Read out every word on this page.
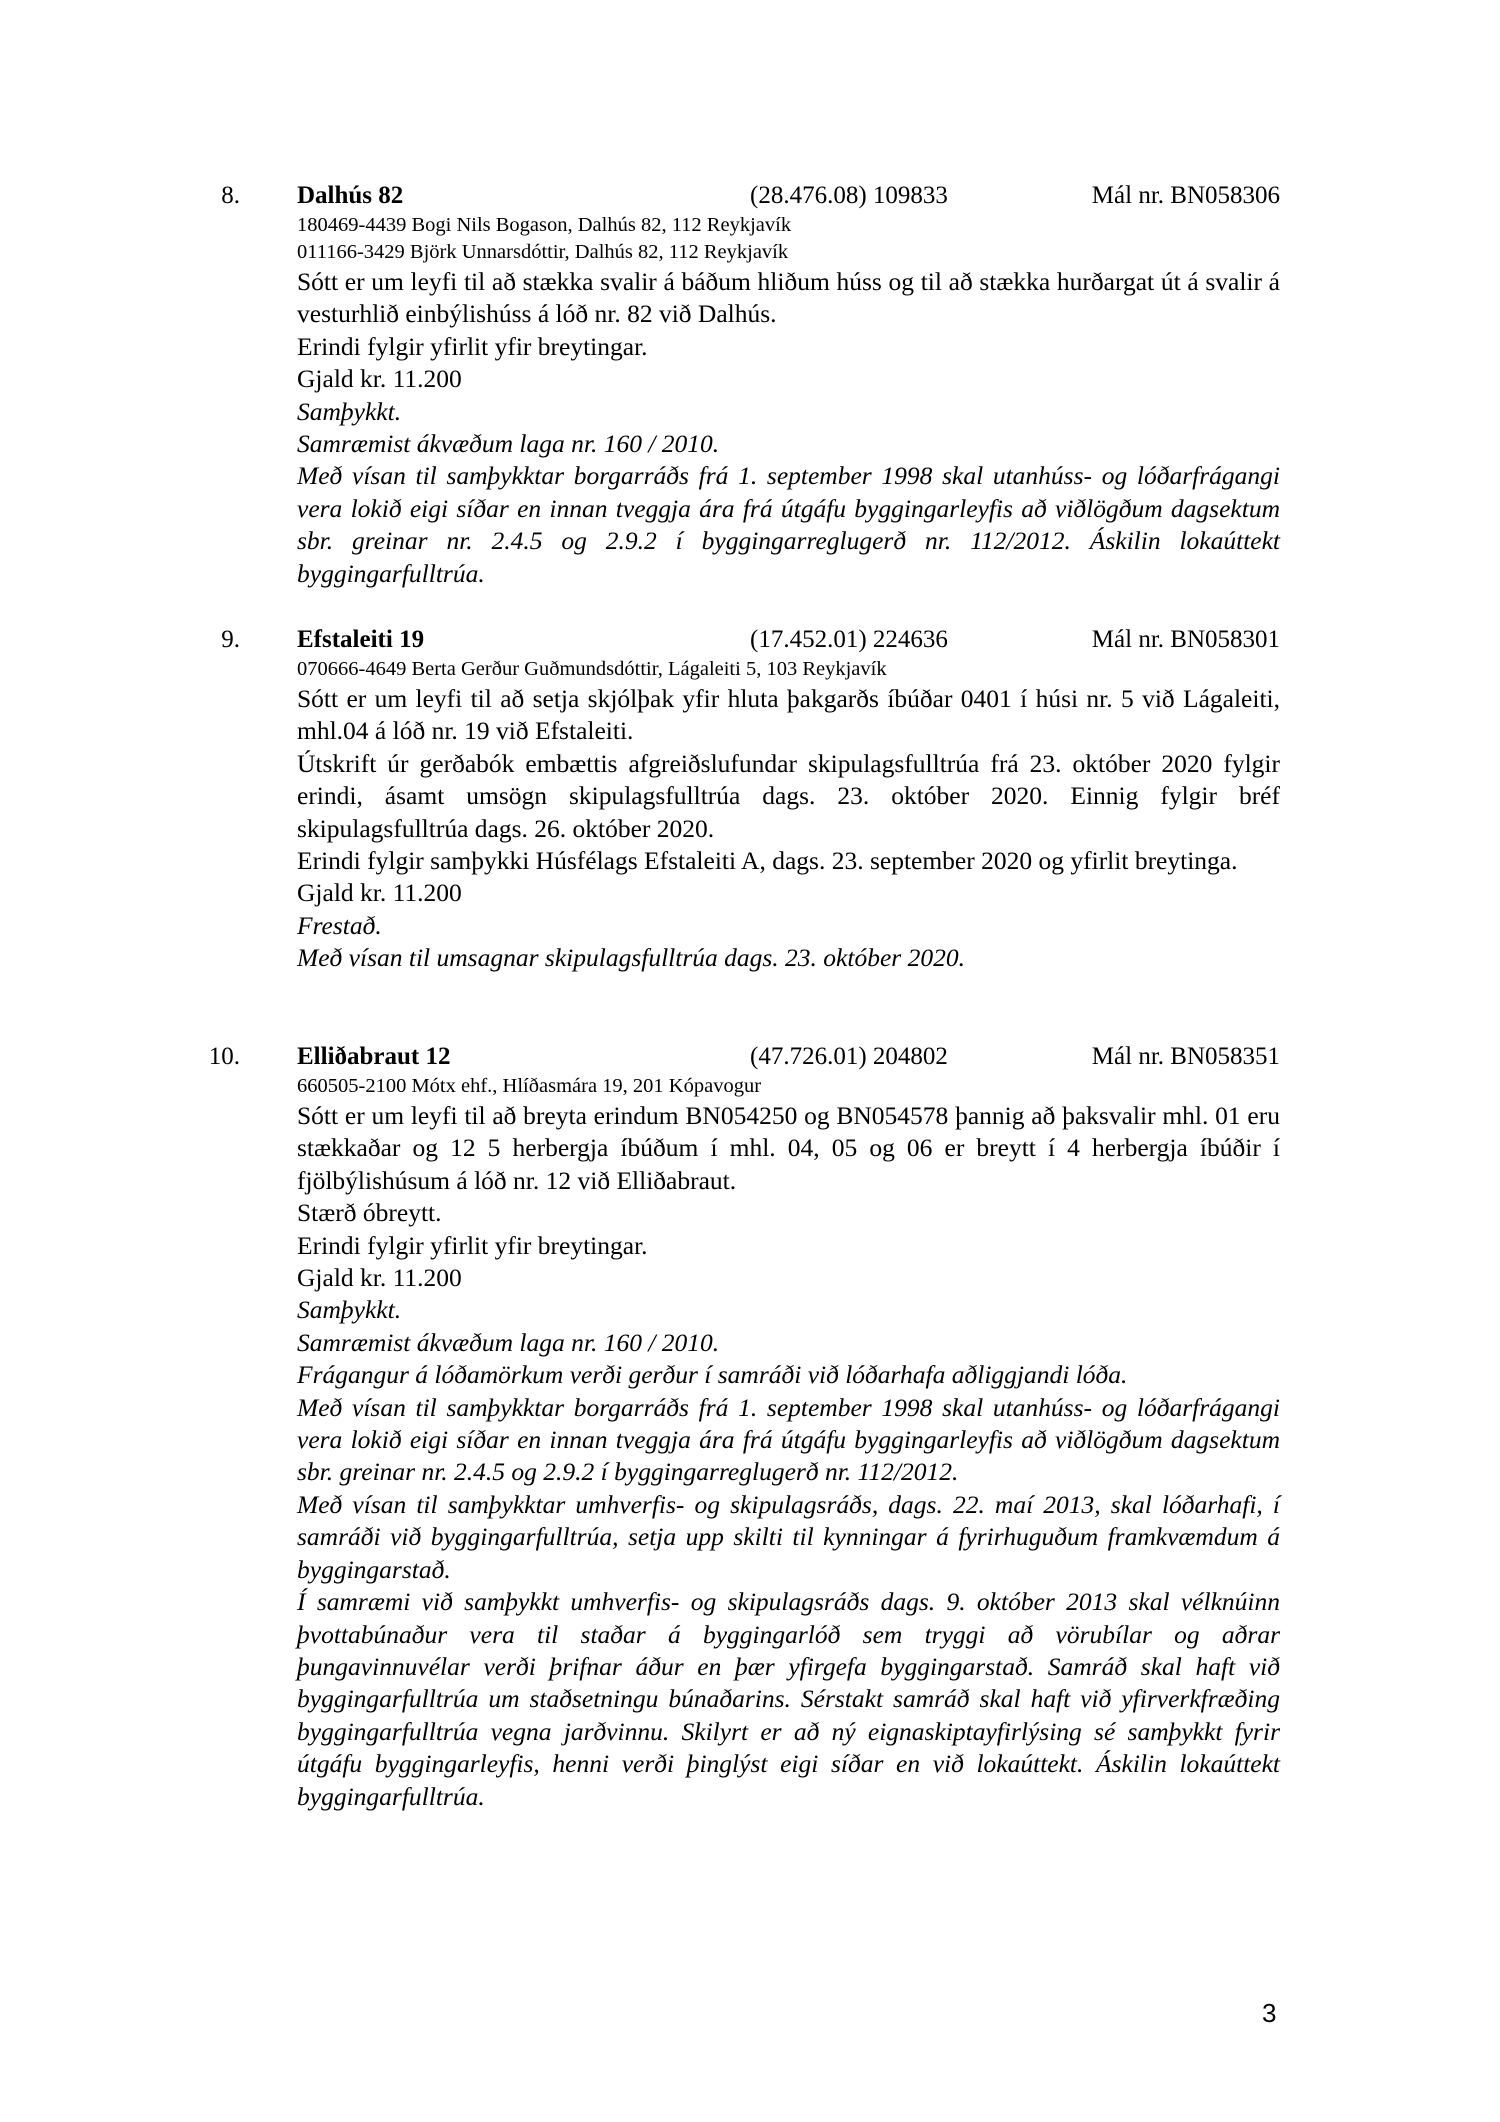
8. Dalhús 82	(28.476.08) 109833	Mál nr. BN058306
180469-4439 Bogi Nils Bogason, Dalhús 82, 112 Reykjavík
011166-3429 Björk Unnarsdóttir, Dalhús 82, 112 Reykjavík
Sótt er um leyfi til að stækka svalir á báðum hliðum húss og til að stækka hurðargat út á svalir á vesturhlið einbýlishúss á lóð nr. 82 við Dalhús.
Erindi fylgir yfirlit yfir breytingar.
Gjald kr. 11.200
Samþykkt.
Samræmist ákvæðum laga nr. 160 / 2010.
Með vísan til samþykktar borgarráðs frá 1. september 1998 skal utanhúss- og lóðarfrágangi vera lokið eigi síðar en innan tveggja ára frá útgáfu byggingarleyfis að viðlögðum dagsektum sbr. greinar nr. 2.4.5 og 2.9.2 í byggingarreglugerð nr. 112/2012. Áskilin lokaúttekt byggingarfulltrúa.
9. Efstaleiti 19	(17.452.01) 224636	Mál nr. BN058301
070666-4649 Berta Gerður Guðmundsdóttir, Lágaleiti 5, 103 Reykjavík
Sótt er um leyfi til að setja skjólþak yfir hluta þakgarðs íbúðar 0401 í húsi nr. 5 við Lágaleiti, mhl.04 á lóð nr. 19 við Efstaleiti.
Útskrift úr gerðabók embættis afgreiðslufundar skipulagsfulltrúa frá 23. október 2020 fylgir erindi, ásamt umsögn skipulagsfulltrúa dags. 23. október 2020. Einnig fylgir bréf skipulagsfulltrúa dags. 26. október 2020.
Erindi fylgir samþykki Húsfélags Efstaleiti A, dags. 23. september 2020 og yfirlit breytinga.
Gjald kr. 11.200
Frestað.
Með vísan til umsagnar skipulagsfulltrúa dags. 23. október 2020.
10. Elliðabraut 12	(47.726.01) 204802	Mál nr. BN058351
660505-2100 Mótx ehf., Hlíðasmára 19, 201 Kópavogur
Sótt er um leyfi til að breyta erindum BN054250 og BN054578 þannig að þaksvalir mhl. 01 eru stækkaðar og 12 5 herbergja íbúðum í mhl. 04, 05 og 06 er breytt í 4 herbergja íbúðir í fjölbýlishúsum á lóð nr. 12 við Elliðabraut.
Stærð óbreytt.
Erindi fylgir yfirlit yfir breytingar.
Gjald kr. 11.200
Samþykkt.
Samræmist ákvæðum laga nr. 160 / 2010.
Frágangur á lóðamörkum verði gerður í samráði við lóðarhafa aðliggjandi lóða.
Með vísan til samþykktar borgarráðs frá 1. september 1998 skal utanhúss- og lóðarfrágangi vera lokið eigi síðar en innan tveggja ára frá útgáfu byggingarleyfis að viðlögðum dagsektum sbr. greinar nr. 2.4.5 og 2.9.2 í byggingarreglugerð nr. 112/2012.
Með vísan til samþykktar umhverfis- og skipulagsráðs, dags. 22. maí 2013, skal lóðarhafi, í samráði við byggingarfulltrúa, setja upp skilti til kynningar á fyrirhuguðum framkvæmdum á byggingarstað.
Í samræmi við samþykkt umhverfis- og skipulagsráðs dags. 9. október 2013 skal vélknúinn þvottabúnaður vera til staðar á byggingarlóð sem tryggi að vörubílar og aðrar þungavinnuvélar verði þrifnar áður en þær yfirgefa byggingarstað. Samráð skal haft við byggingarfulltrúa um staðsetningu búnaðarins. Sérstakt samráð skal haft við yfirverkfræðing byggingarfulltrúa vegna jarðvinnu. Skilyrt er að ný eignaskiptayfirlýsing sé samþykkt fyrir útgáfu byggingarleyfis, henni verði þinglýst eigi síðar en við lokaúttekt. Áskilin lokaúttekt byggingarfulltrúa.
3
